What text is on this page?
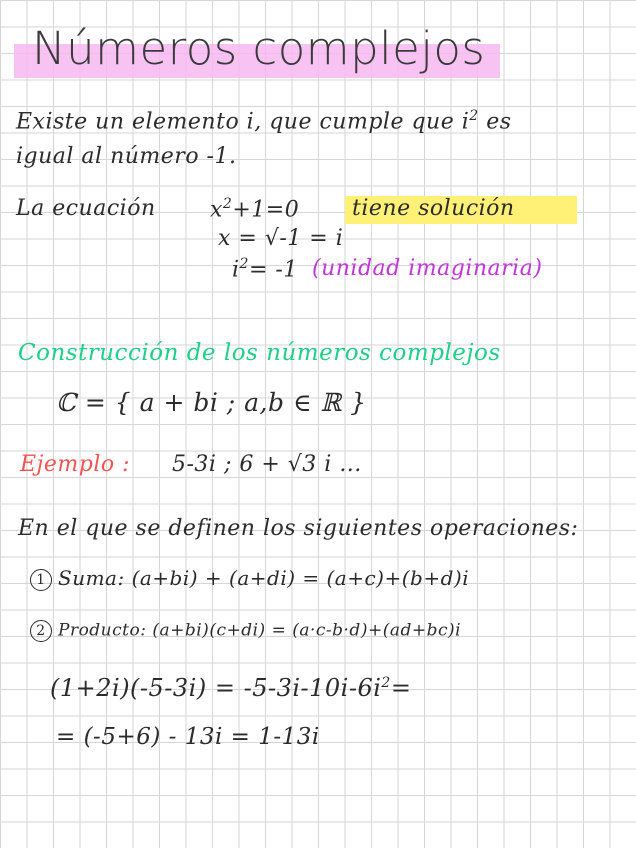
Números complejos
Existe un elemento i, que cumple que $i^2$ es
igual al número -1.
La ecuación $x^2+1=0$ tiene solución
x = √-1 = i
$i^2= -1$ (unidad imaginaria)
Construcción de los números complejos
ℂ = { a + bi ; a,b ∈ ℝ }
Ejemplo : 5-3i ; 6 + √3 i ...
En el que se definen los siguientes operaciones:
1 Suma: (a+bi) + (a+di) = (a+c)+(b+d)i
2 Producto: (a+bi)(c+di) = (a·c-b·d)+(ad+bc)i
$(1+2i)(-5-3i) = -5-3i-10i-6i^2=$
= (-5+6) - 13i = 1-13i
